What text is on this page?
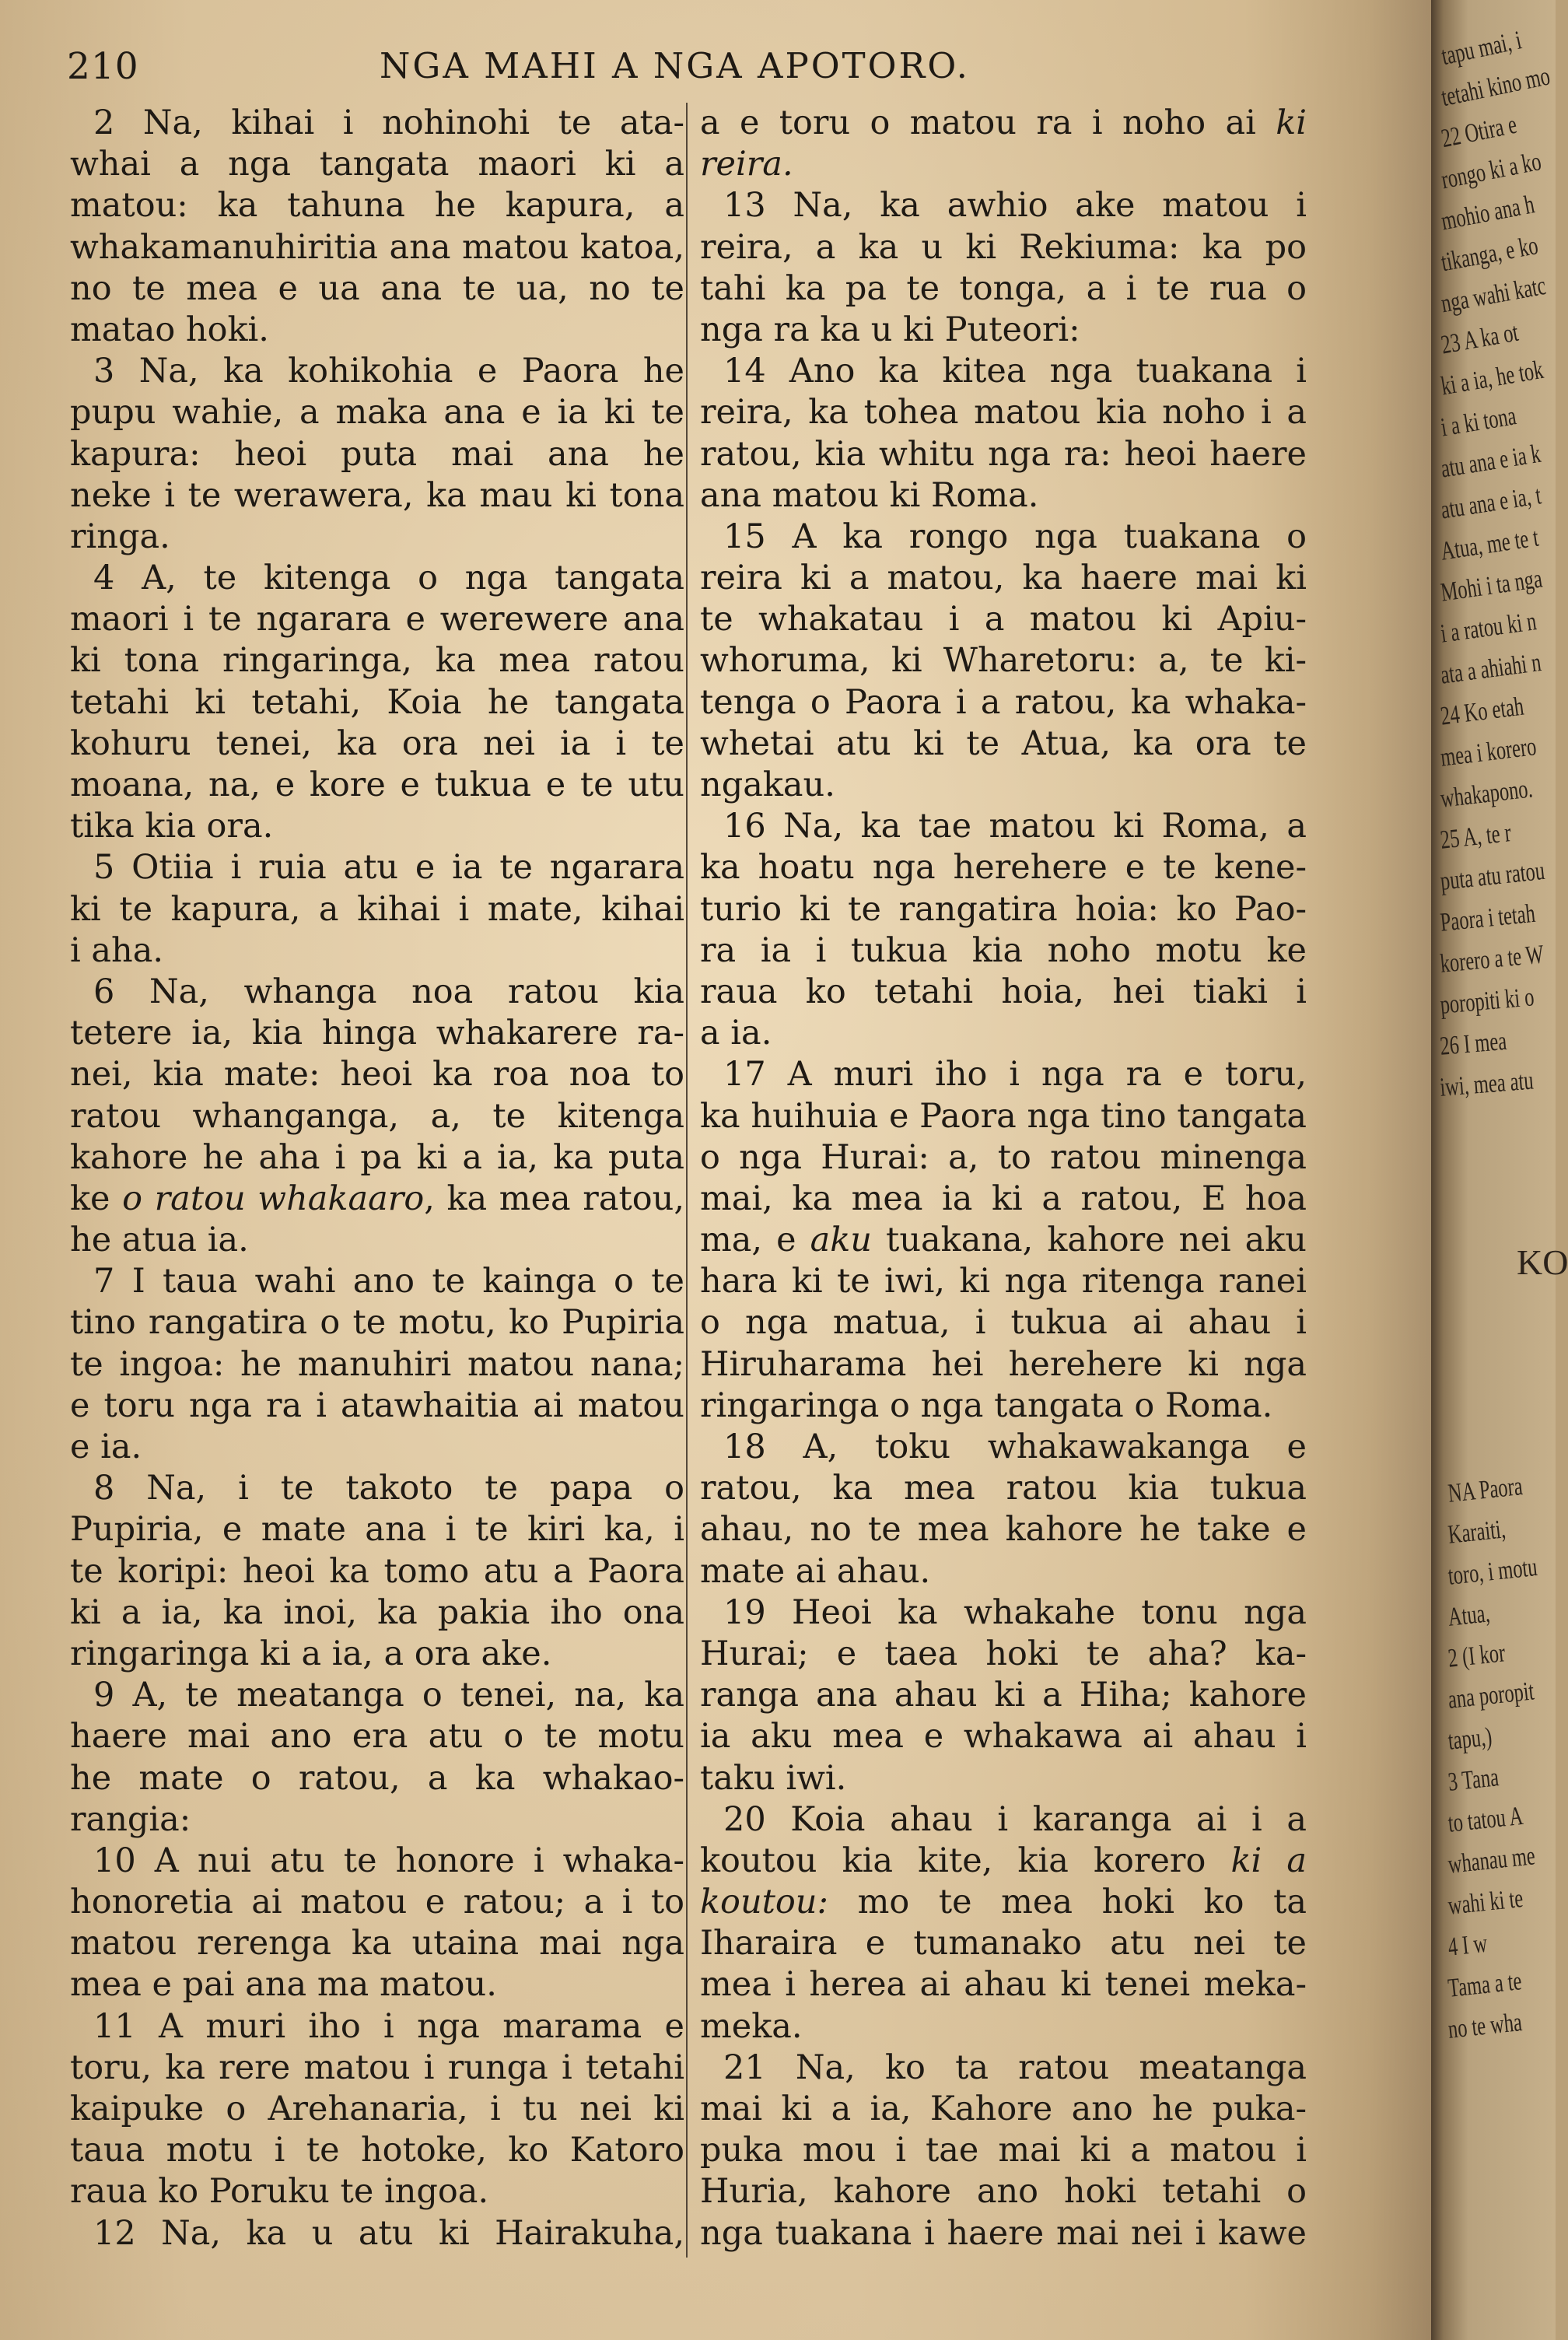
210	NGA MAHI A NGA APOTORO.
2 Na, kihai i nohinohi te ata-
whai a nga tangata maori ki a
matou: ka tahuna he kapura, a
whakamanuhiritia ana matou katoa,
no te mea e ua ana te ua, no te
matao hoki.
3 Na, ka kohikohia e Paora he
pupu wahie, a maka ana e ia ki te
kapura: heoi puta mai ana he
neke i te werawera, ka mau ki tona
ringa.
4 A, te kitenga o nga tangata
maori i te ngarara e werewere ana
ki tona ringaringa, ka mea ratou
tetahi ki tetahi, Koia he tangata
kohuru tenei, ka ora nei ia i te
moana, na, e kore e tukua e te utu
tika kia ora.
5 Otiia i ruia atu e ia te ngarara
ki te kapura, a kihai i mate, kihai
i aha.
6 Na, whanga noa ratou kia
tetere ia, kia hinga whakarere ra-
nei, kia mate: heoi ka roa noa to
ratou whanganga, a, te kitenga
kahore he aha i pa ki a ia, ka puta
ke o ratou whakaaro, ka mea ratou,
he atua ia.
7 I taua wahi ano te kainga o te
tino rangatira o te motu, ko Pupiria
te ingoa: he manuhiri matou nana;
e toru nga ra i atawhaitia ai matou
e ia.
8 Na, i te takoto te papa o
Pupiria, e mate ana i te kiri ka, i
te koripi: heoi ka tomo atu a Paora
ki a ia, ka inoi, ka pakia iho ona
ringaringa ki a ia, a ora ake.
9 A, te meatanga o tenei, na, ka
haere mai ano era atu o te motu
he mate o ratou, a ka whakao-
rangia:
10 A nui atu te honore i whaka-
honoretia ai matou e ratou; a i to
matou rerenga ka utaina mai nga
mea e pai ana ma matou.
11 A muri iho i nga marama e
toru, ka rere matou i runga i tetahi
kaipuke o Arehanaria, i tu nei ki
taua motu i te hotoke, ko Katoro
raua ko Poruku te ingoa.
12 Na, ka u atu ki Hairakuha,
a e toru o matou ra i noho ai ki
reira.
13 Na, ka awhio ake matou i
reira, a ka u ki Rekiuma: ka po
tahi ka pa te tonga, a i te rua o
nga ra ka u ki Puteori:
14 Ano ka kitea nga tuakana i
reira, ka tohea matou kia noho i a
ratou, kia whitu nga ra: heoi haere
ana matou ki Roma.
15 A ka rongo nga tuakana o
reira ki a matou, ka haere mai ki
te whakatau i a matou ki Apiu-
whoruma, ki Wharetoru: a, te ki-
tenga o Paora i a ratou, ka whaka-
whetai atu ki te Atua, ka ora te
ngakau.
16 Na, ka tae matou ki Roma, a
ka hoatu nga herehere e te kene-
turio ki te rangatira hoia: ko Pao-
ra ia i tukua kia noho motu ke
raua ko tetahi hoia, hei tiaki i
a ia.
17 A muri iho i nga ra e toru,
ka huihuia e Paora nga tino tangata
o nga Hurai: a, to ratou minenga
mai, ka mea ia ki a ratou, E hoa
ma, e aku tuakana, kahore nei aku
hara ki te iwi, ki nga ritenga ranei
o nga matua, i tukua ai ahau i
Hiruharama hei herehere ki nga
ringaringa o nga tangata o Roma.
18 A, toku whakawakanga e
ratou, ka mea ratou kia tukua
ahau, no te mea kahore he take e
mate ai ahau.
19 Heoi ka whakahe tonu nga
Hurai; e taea hoki te aha? ka-
ranga ana ahau ki a Hiha; kahore
ia aku mea e whakawa ai ahau i
taku iwi.
20 Koia ahau i karanga ai i a
koutou kia kite, kia korero ki a
koutou: mo te mea hoki ko ta
Iharaira e tumanako atu nei te
mea i herea ai ahau ki tenei meka-
meka.
21 Na, ko ta ratou meatanga
mai ki a ia, Kahore ano he puka-
puka mou i tae mai ki a matou i
Huria, kahore ano hoki tetahi o
nga tuakana i haere mai nei i kawe
tapu mai, i
tetahi kino mo
22 Otira e
rongo ki a ko
mohio ana h
tikanga, e ko
nga wahi katc
23 A ka ot
ki a ia, he tok
i a ki tona
atu ana e ia k
atu ana e ia, t
Atua, me te t
Mohi i ta nga
i a ratou ki n
ata a ahiahi n
24 Ko etah
mea i korero
whakapono.
25 A, te r
puta atu ratou
Paora i tetah
korero a te W
poropiti ki o
26 I mea
iwi, mea atu
KO
NA Paora
Karaiti,
toro, i motu
Atua,
2 (I kor
ana poropit
tapu,)
3 Tana
to tatou A
whanau me
wahi ki te
4 I w
Tama a te
no te wha
